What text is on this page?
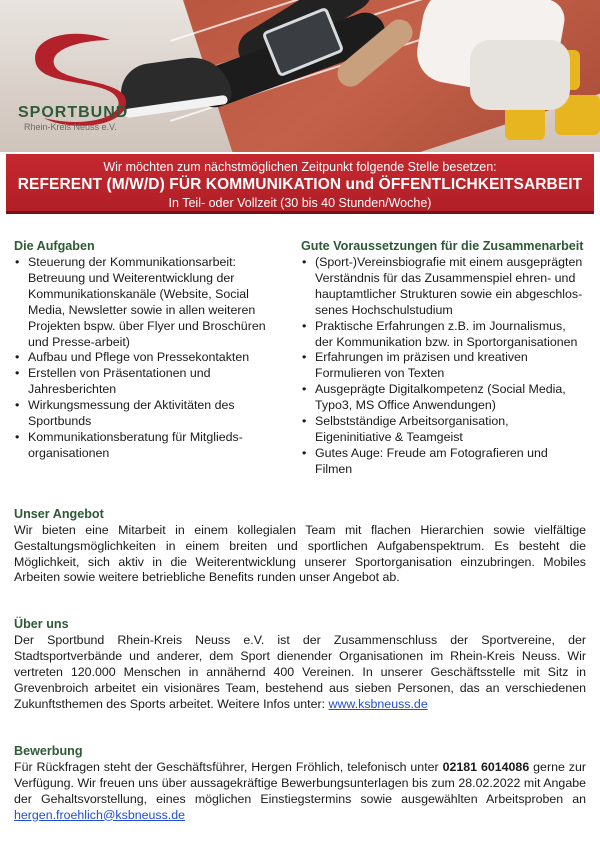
SPORTBUND
Rhein-Kreis Neuss e.V.
Wir möchten zum nächstmöglichen Zeitpunkt folgende Stelle besetzen:
REFERENT (M/W/D) FÜR KOMMUNIKATION und ÖFFENTLICHKEITSARBEIT
In Teil- oder Vollzeit (30 bis 40 Stunden/Woche)
Die Aufgaben
• Steuerung der Kommunikationsarbeit: Betreuung und Weiterentwicklung der Kommunikationskanäle (Website, Social Media, Newsletter sowie in allen weiteren Projekten bspw. über Flyer und Broschüren und Presse-arbeit)
• Aufbau und Pflege von Pressekontakten
• Erstellen von Präsentationen und Jahresberichten
• Wirkungsmessung der Aktivitäten des Sportbunds
• Kommunikationsberatung für Mitglieds-organisationen
Gute Voraussetzungen für die Zusammenarbeit
• (Sport-)Vereinsbiografie mit einem ausgeprägten Verständnis für das Zusammenspiel ehren- und hauptamtlicher Strukturen sowie ein abgeschlos-senes Hochschulstudium
• Praktische Erfahrungen z.B. im Journalismus, der Kommunikation bzw. in Sportorganisationen
• Erfahrungen im präzisen und kreativen Formulieren von Texten
• Ausgeprägte Digitalkompetenz (Social Media, Typo3, MS Office Anwendungen)
• Selbstständige Arbeitsorganisation, Eigeninitiative & Teamgeist
• Gutes Auge: Freude am Fotografieren und Filmen
Unser Angebot

Wir bieten eine Mitarbeit in einem kollegialen Team mit flachen Hierarchien sowie vielfältige Gestaltungsmöglichkeiten in einem breiten und sportlichen Aufgabenspektrum. Es besteht die Möglichkeit, sich aktiv in die Weiterentwicklung unserer Sportorganisation einzubringen. Mobiles Arbeiten sowie weitere betriebliche Benefits runden unser Angebot ab.

Über uns

Der Sportbund Rhein-Kreis Neuss e.V. ist der Zusammenschluss der Sportvereine, der Stadtsportverbände und anderer, dem Sport dienender Organisationen im Rhein-Kreis Neuss. Wir vertreten 120.000 Menschen in annähernd 400 Vereinen. In unserer Geschäftsstelle mit Sitz in Grevenbroich arbeitet ein visionäres Team, bestehend aus sieben Personen, das an verschiedenen Zukunftsthemen des Sports arbeitet. Weitere Infos unter: www.ksbneuss.de

Bewerbung

Für Rückfragen steht der Geschäftsführer, Hergen Fröhlich, telefonisch unter 02181 6014086 gerne zur Verfügung. Wir freuen uns über aussagekräftige Bewerbungsunterlagen bis zum 28.02.2022 mit Angabe der Gehaltsvorstellung, eines möglichen Einstiegstermins sowie ausgewählten Arbeitsproben an hergen.froehlich@ksbneuss.de
